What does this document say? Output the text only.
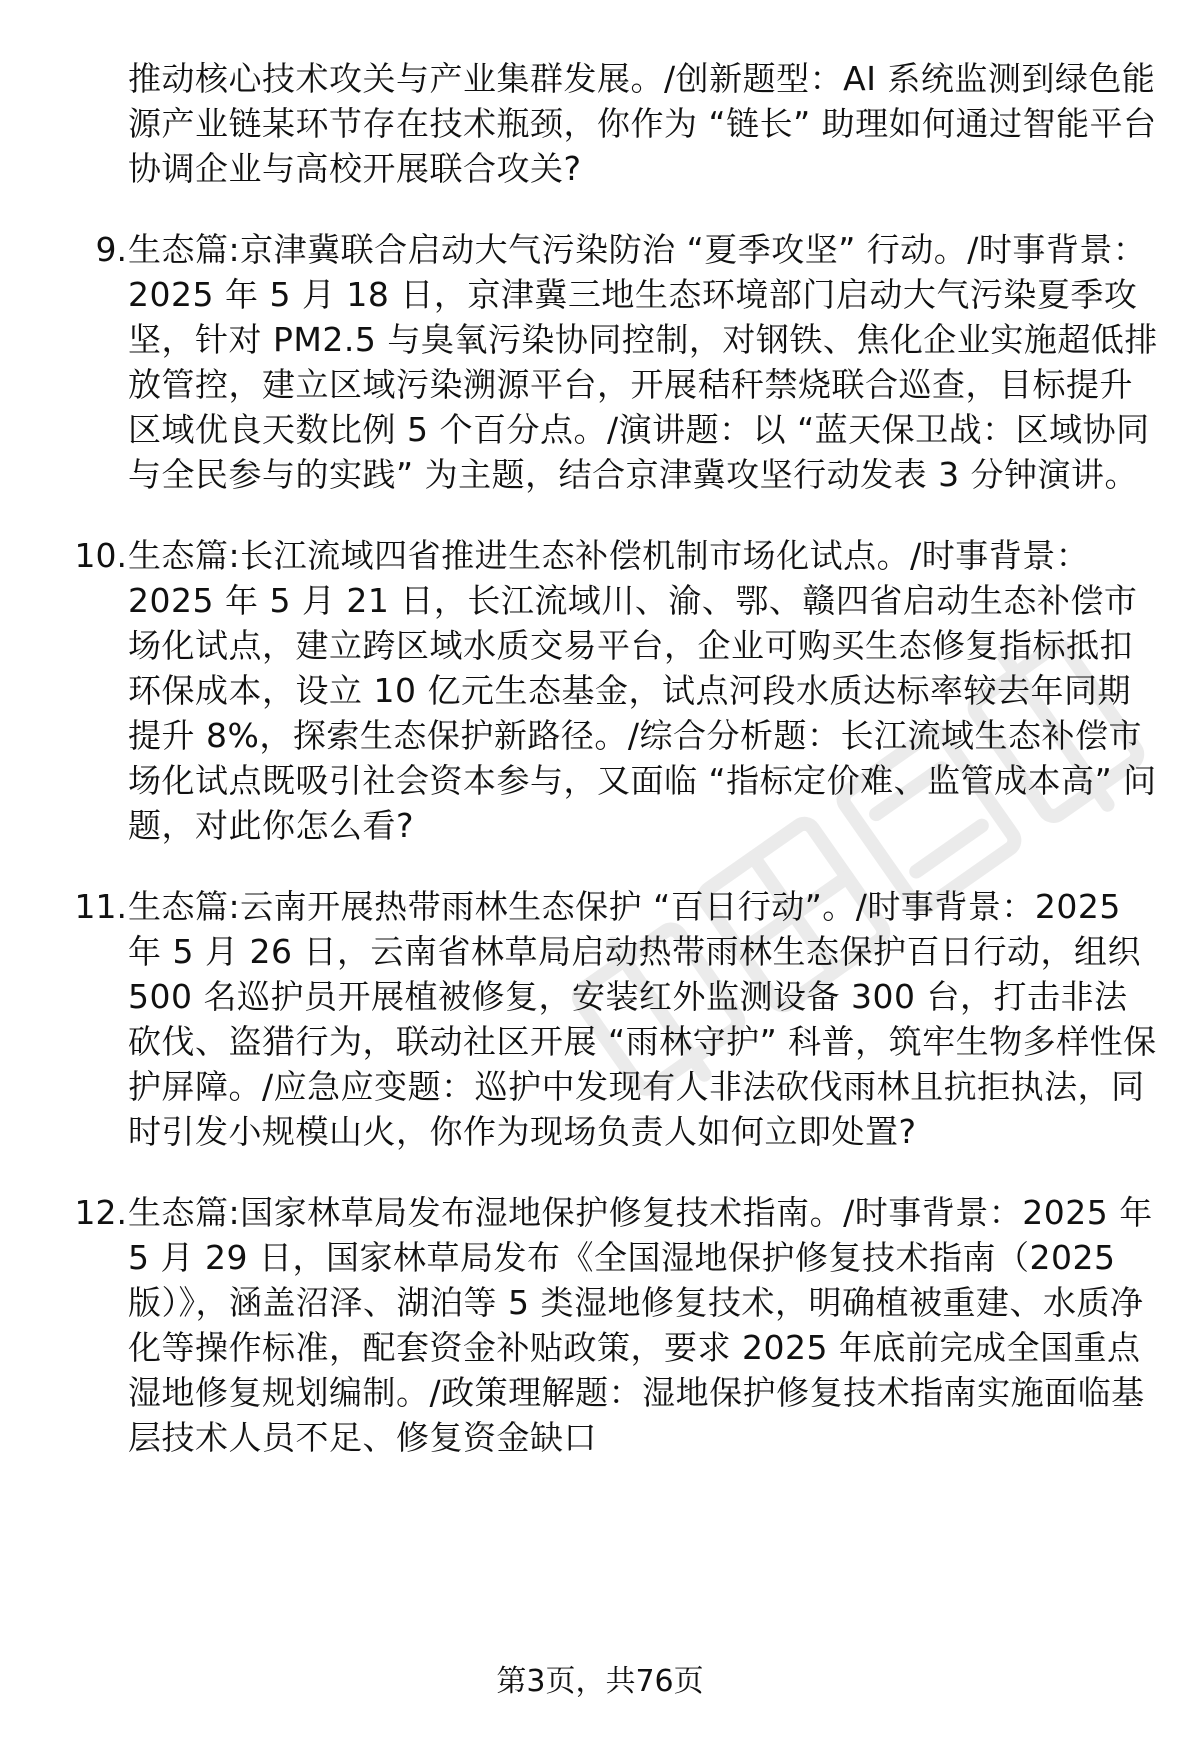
推动核心技术攻关与产业集群发展。/创新题型：AI 系统监测到绿色能源产业链某环节存在技术瓶颈，你作为 “链长” 助理如何通过智能平台协调企业与高校开展联合攻关?
9. 生态篇:京津冀联合启动大气污染防治 “夏季攻坚” 行动。/时事背景：2025 年 5 月 18 日，京津冀三地生态环境部门启动大气污染夏季攻坚，针对 PM2.5 与臭氧污染协同控制，对钢铁、焦化企业实施超低排放管控，建立区域污染溯源平台，开展秸秆禁烧联合巡查，目标提升区域优良天数比例 5 个百分点。/演讲题：以 “蓝天保卫战：区域协同与全民参与的实践” 为主题，结合京津冀攻坚行动发表 3 分钟演讲。
10. 生态篇:长江流域四省推进生态补偿机制市场化试点。/时事背景：2025 年 5 月 21 日，长江流域川、渝、鄂、赣四省启动生态补偿市场化试点，建立跨区域水质交易平台，企业可购买生态修复指标抵扣环保成本，设立 10 亿元生态基金，试点河段水质达标率较去年同期提升 8%，探索生态保护新路径。/综合分析题：长江流域生态补偿市场化试点既吸引社会资本参与，又面临 “指标定价难、监管成本高” 问题，对此你怎么看?
11. 生态篇:云南开展热带雨林生态保护 “百日行动”。/时事背景：2025 年 5 月 26 日，云南省林草局启动热带雨林生态保护百日行动，组织 500 名巡护员开展植被修复，安装红外监测设备 300 台，打击非法砍伐、盗猎行为，联动社区开展 “雨林守护” 科普，筑牢生物多样性保护屏障。/应急应变题：巡护中发现有人非法砍伐雨林且抗拒执法，同时引发小规模山火，你作为现场负责人如何立即处置?
12. 生态篇:国家林草局发布湿地保护修复技术指南。/时事背景：2025 年 5 月 29 日，国家林草局发布《全国湿地保护修复技术指南（2025 版）》，涵盖沼泽、湖泊等 5 类湿地修复技术，明确植被重建、水质净化等操作标准，配套资金补贴政策，要求 2025 年底前完成全国重点湿地修复规划编制。/政策理解题：湿地保护修复技术指南实施面临基层技术人员不足、修复资金缺口
第3页，共76页
